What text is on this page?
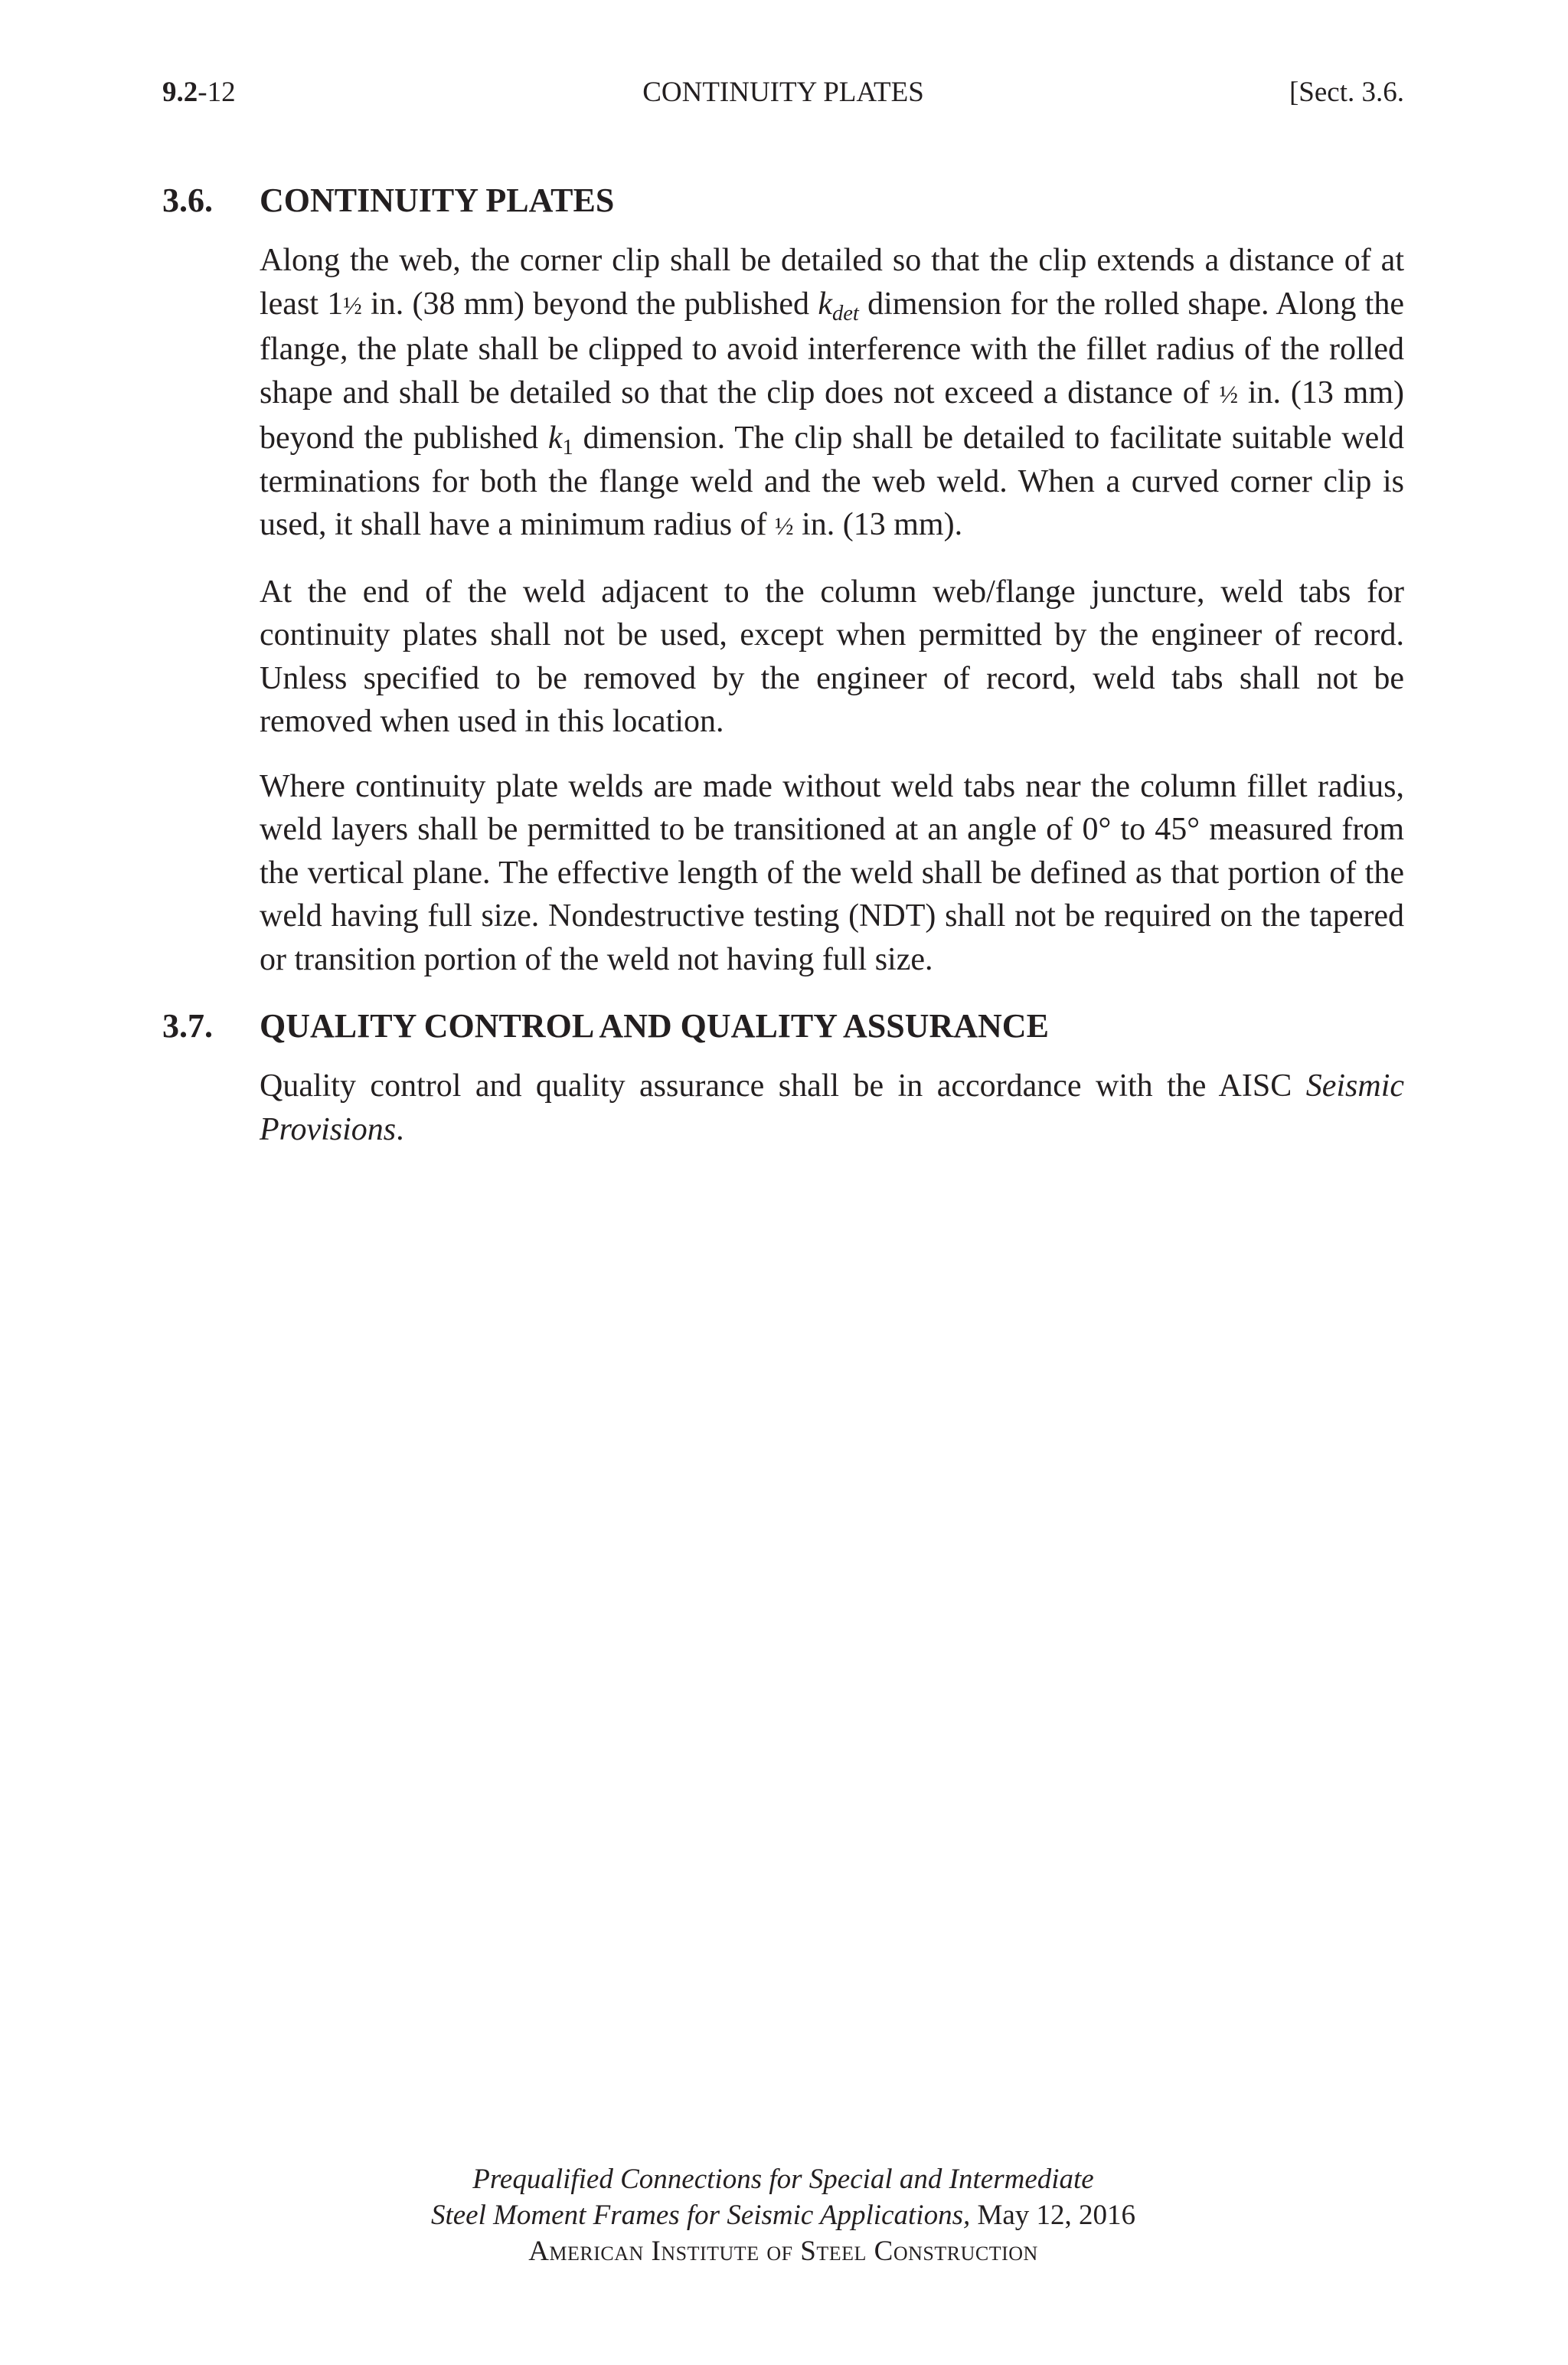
9.2-12	CONTINUITY PLATES	[Sect. 3.6.
3.6. CONTINUITY PLATES

Along the web, the corner clip shall be detailed so that the clip extends a distance of at least 1½ in. (38 mm) beyond the published $k_{det}$ dimension for the rolled shape. Along the flange, the plate shall be clipped to avoid interference with the fillet radius of the rolled shape and shall be detailed so that the clip does not exceed a distance of ½ in. (13 mm) beyond the published $k_1$ dimension. The clip shall be detailed to facilitate suitable weld terminations for both the flange weld and the web weld. When a curved corner clip is used, it shall have a minimum radius of ½ in. (13 mm).

At the end of the weld adjacent to the column web/flange juncture, weld tabs for continuity plates shall not be used, except when permitted by the engineer of record. Unless specified to be removed by the engineer of record, weld tabs shall not be removed when used in this location.

Where continuity plate welds are made without weld tabs near the column fillet radius, weld layers shall be permitted to be transitioned at an angle of 0° to 45° measured from the vertical plane. The effective length of the weld shall be defined as that portion of the weld having full size. Nondestructive testing (NDT) shall not be required on the tapered or transition portion of the weld not having full size.

3.7. QUALITY CONTROL AND QUALITY ASSURANCE

Quality control and quality assurance shall be in accordance with the AISC Seismic Provisions.

Prequalified Connections for Special and Intermediate
Steel Moment Frames for Seismic Applications, May 12, 2016
American Institute of Steel Construction
